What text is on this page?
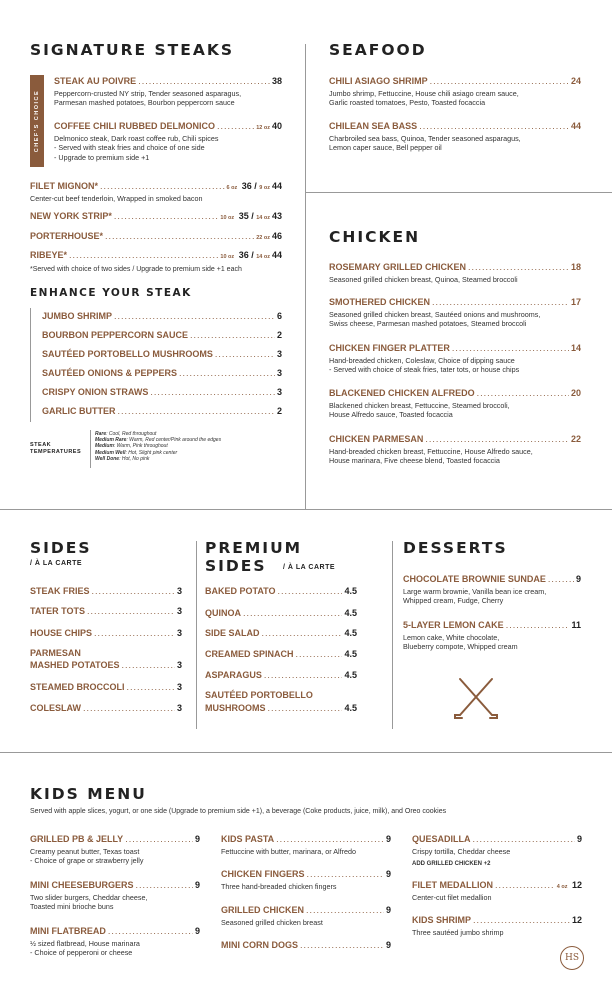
SIGNATURE STEAKS
CHEF'S CHOICE
STEAK AU POIVRE .....	38
Peppercorn-crusted NY strip, Tender seasoned asparagus,
Parmesan mashed potatoes, Bourbon peppercorn sauce
COFFEE CHILI RUBBED DELMONICO .....	12 oz 40
Delmonico steak, Dark roast coffee rub, Chili spices
- Served with steak fries and choice of one side
- Upgrade to premium side +1
FILET MIGNON* .....	6 oz 36 / 9 oz 44
Center-cut beef tenderloin, Wrapped in smoked bacon
NEW YORK STRIP* .....	10 oz 35 / 14 oz 43
PORTERHOUSE* .....	22 oz 46
RIBEYE* .....	10 oz 36 / 14 oz 44
*Served with choice of two sides / Upgrade to premium side +1 each
ENHANCE YOUR STEAK
JUMBO SHRIMP .....	6
BOURBON PEPPERCORN SAUCE .....	2
SAUTÉED PORTOBELLO MUSHROOMS .....	3
SAUTÉED ONIONS & PEPPERS .....	3
CRISPY ONION STRAWS .....	3
GARLIC BUTTER .....	2
STEAK
TEMPERATURES
Rare: Cool, Red throughout
Medium Rare: Warm, Red center/Pink around the edges
Medium: Warm, Pink throughout
Medium Well: Hot, Slight pink center
Well Done: Hot, No pink
SEAFOOD
CHILI ASIAGO SHRIMP .....	24
Jumbo shrimp, Fettuccine, House chili asiago cream sauce,
Garlic roasted tomatoes, Pesto, Toasted focaccia
CHILEAN SEA BASS .....	44
Charbroiled sea bass, Quinoa, Tender seasoned asparagus,
Lemon caper sauce, Bell pepper oil
CHICKEN
ROSEMARY GRILLED CHICKEN .....	18
Seasoned grilled chicken breast, Quinoa, Steamed broccoli
SMOTHERED CHICKEN .....	17
Seasoned grilled chicken breast, Sautéed onions and mushrooms,
Swiss cheese, Parmesan mashed potatoes, Steamed broccoli
CHICKEN FINGER PLATTER .....	14
Hand-breaded chicken, Coleslaw, Choice of dipping sauce
- Served with choice of steak fries, tater tots, or house chips
BLACKENED CHICKEN ALFREDO .....	20
Blackened chicken breast, Fettuccine, Steamed broccoli,
House Alfredo sauce, Toasted focaccia
CHICKEN PARMESAN .....	22
Hand-breaded chicken breast, Fettuccine, House Alfredo sauce,
House marinara, Five cheese blend, Toasted focaccia
SIDES
/ À LA CARTE
STEAK FRIES .....	3
TATER TOTS .....	3
HOUSE CHIPS .....	3
PARMESAN
MASHED POTATOES .....	3
STEAMED BROCCOLI .....	3
COLESLAW .....	3
PREMIUM
SIDES / À LA CARTE
BAKED POTATO .....	4.5
QUINOA .....	4.5
SIDE SALAD .....	4.5
CREAMED SPINACH .....	4.5
ASPARAGUS .....	4.5
SAUTÉED PORTOBELLO
MUSHROOMS .....	4.5
DESSERTS
CHOCOLATE BROWNIE SUNDAE .....	9
Large warm brownie, Vanilla bean ice cream,
Whipped cream, Fudge, Cherry
5-LAYER LEMON CAKE .....	11
Lemon cake, White chocolate,
Blueberry compote, Whipped cream
KIDS MENU
Served with apple slices, yogurt, or one side (Upgrade to premium side +1), a beverage (Coke products, juice, milk), and Oreo cookies
GRILLED PB & JELLY .....	9
Creamy peanut butter, Texas toast
- Choice of grape or strawberry jelly
MINI CHEESEBURGERS .....	9
Two slider burgers, Cheddar cheese,
Toasted mini brioche buns
MINI FLATBREAD .....	9
½ sized flatbread, House marinara
- Choice of pepperoni or cheese
KIDS PASTA .....	9
Fettuccine with butter, marinara, or Alfredo
CHICKEN FINGERS .....	9
Three hand-breaded chicken fingers
GRILLED CHICKEN .....	9
Seasoned grilled chicken breast
MINI CORN DOGS .....	9
QUESADILLA .....	9
Crispy tortilla, Cheddar cheese
ADD GRILLED CHICKEN +2
FILET MEDALLION .....	4 oz 12
Center-cut filet medallion
KIDS SHRIMP .....	12
Three sautéed jumbo shrimp
HS
